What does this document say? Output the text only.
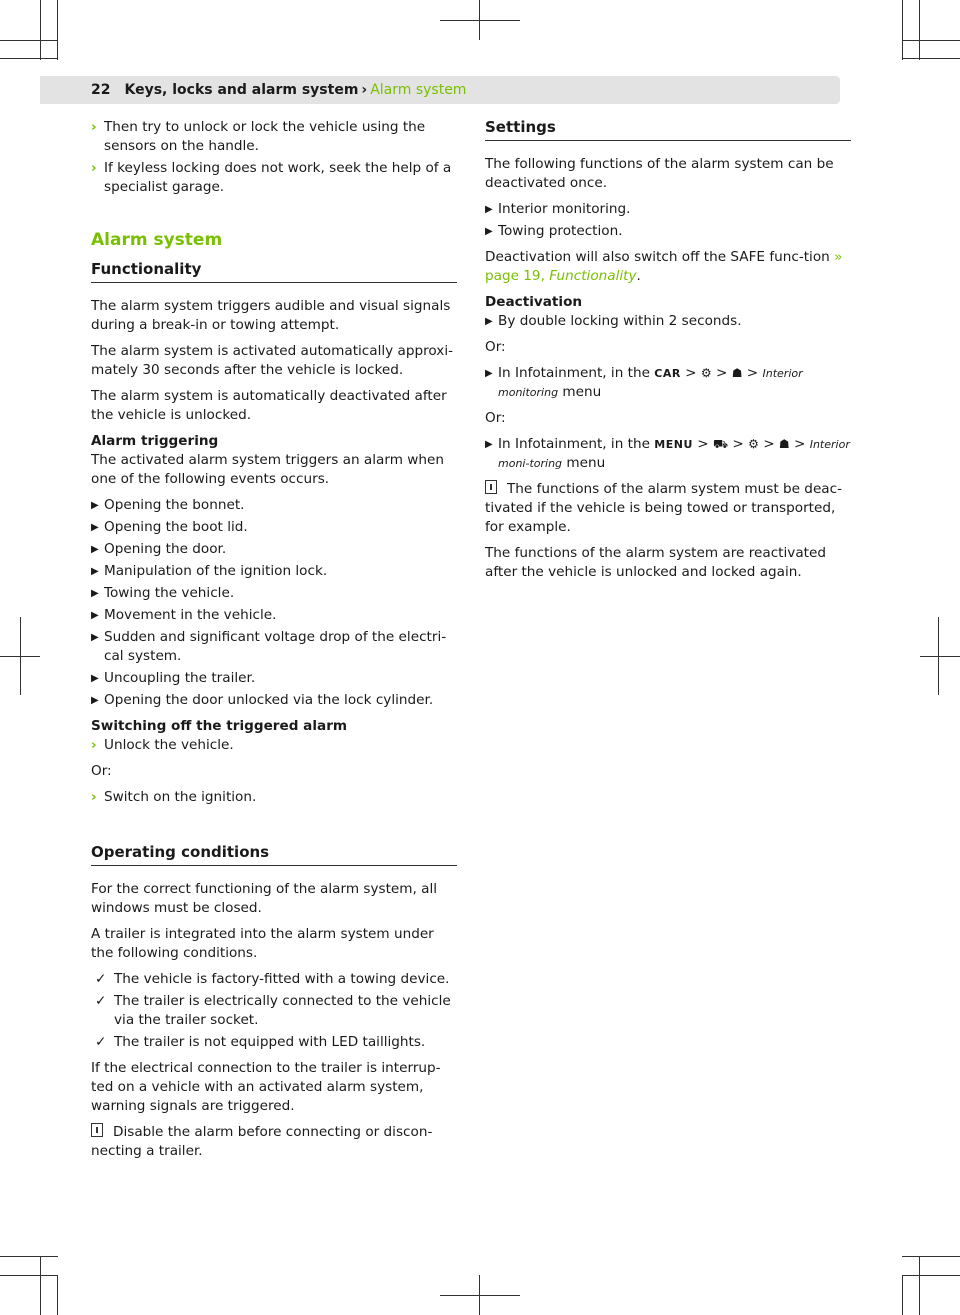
22 Keys, locks and alarm system › Alarm system
› Then try to unlock or lock the vehicle using the sensors on the handle.
› If keyless locking does not work, seek the help of a specialist garage.
Alarm system
Functionality

The alarm system triggers audible and visual signals during a break-in or towing attempt.

The alarm system is activated automatically approxi-mately 30 seconds after the vehicle is locked.

The alarm system is automatically deactivated after the vehicle is unlocked.

Alarm triggering

The activated alarm system triggers an alarm when one of the following events occurs.

▶ Opening the bonnet.
▶ Opening the boot lid.
▶ Opening the door.
▶ Manipulation of the ignition lock.
▶ Towing the vehicle.
▶ Movement in the vehicle.
▶ Sudden and significant voltage drop of the electri-cal system.
▶ Uncoupling the trailer.
▶ Opening the door unlocked via the lock cylinder.

Switching off the triggered alarm

› Unlock the vehicle.

Or:

› Switch on the ignition.
Operating conditions

For the correct functioning of the alarm system, all windows must be closed.

A trailer is integrated into the alarm system under the following conditions.

✓ The vehicle is factory-fitted with a towing device.
✓ The trailer is electrically connected to the vehicle via the trailer socket.
✓ The trailer is not equipped with LED taillights.

If the electrical connection to the trailer is interrup-ted on a vehicle with an activated alarm system, warning signals are triggered.

Disable the alarm before connecting or discon-necting a trailer.

Settings

The following functions of the alarm system can be deactivated once.

▶ Interior monitoring.
▶ Towing protection.

Deactivation will also switch off the SAFE func-tion » page 19, Functionality.

Deactivation

▶ By double locking within 2 seconds.

Or:

▶ In Infotainment, in the CAR > ⚙ > ☗ > Interior monitoring menu

Or:

▶ In Infotainment, in the MENU > ⛟ > ⚙ > ☗ > Interior moni-toring menu

The functions of the alarm system must be deac-tivated if the vehicle is being towed or transported, for example.

The functions of the alarm system are reactivated after the vehicle is unlocked and locked again.
